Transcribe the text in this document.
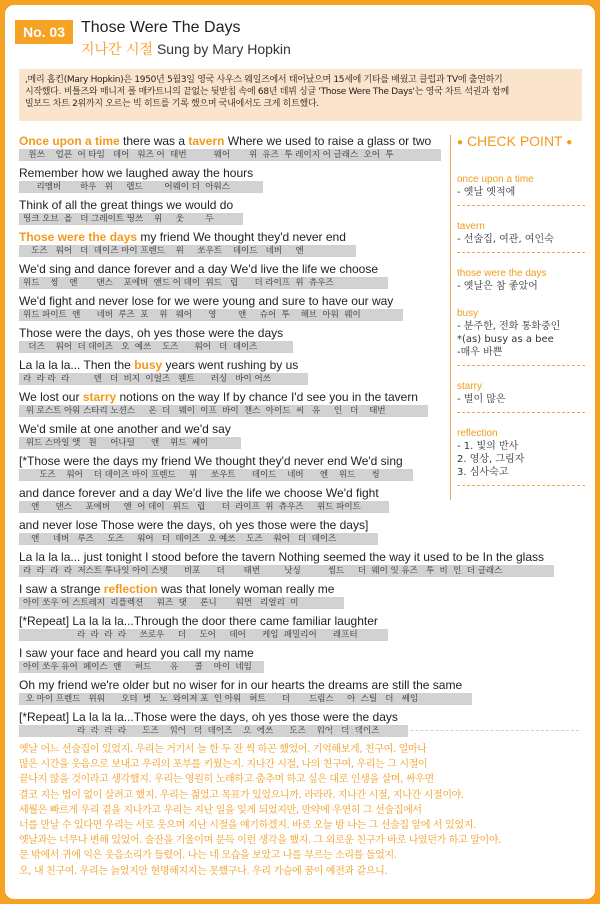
No. 03	Those Were The Days
지나간 시절 Sung by Mary Hopkin
,메리 홉킨(Mary Hopkin)은 1950년 5월3일 영국 사우스 웨일즈에서 태어났으며 15세에 기타를 배웠고 클럽과 TV에 출연하기
시작했다. 비틀즈와 매니저 폴 매카트니의 끝없는 뒷받침 속에 68년 데뷔 싱글 'Those Were The Days'는 영국 차트 석권과 함께
빌보드 차트 2위까지 오르는 빅 히트를 기록 했으며 국내에서도 크게 히트했다.
Once upon a time there was a tavern Where we used to raise a glass or two
원쓰    업픈  어 타임   데어   워즈 어  태번          웨어       위  유즈  투 레이지 어 글래스  오어  투
Remember how we laughed away the hours
리멤버       하우   위     랩드        어웨이 더  아워스
Think of all the great things we would do
띵크 오브  올   더 그레이트 띵쓰    위     웃        두
Those were the days my friend We thought they'd never end
도즈   워어   더  데이즈 마이 프렌드    위     쏘우트    데이드   네버     엔
We'd sing and dance forever and a day We'd live the life we choose
위드    씽    앤       댄스    포에버  앤드 어 데이  위드   립      더 라이프  위  츄우즈
We'd fight and never lose for we were young and sure to have our way
위드 파이트  앤      네버  루즈  포    위   웨어      영        앤     슈어  투    해브  아워  웨이
Those were the days, oh yes those were the days
더즈    워어  더 데이즈   오  예쓰    도즈      워어   더  데이즈
La la la la... Then the busy years went rushing by us
라  라 라  라         덴   더  비지  이얼즈   웬트      러싱   바이 어쓰
We lost our starry notions on the way If by chance I'd see you in the tavern
위 로스트 아워 스타리 노션스     온  더   웨이  이프  바이  챈스  아이드  씨   유     인   더    태번
We'd smile at one another and we'd say
위드 스마일 앳   원     어나덜      앤    위드  쎄이
[*Those were the days my friend We thought they'd never end We'd sing
도즈    워어    더 데이즈 마이 프렌드     위     쏘우트      데이드    네버      엔    위드      씽
and dance forever and a day We'd live the life we choose We'd fight
앤      댄스     포에버     앤  어 데이   위드   립      더  라이프  위  츄우즈     위드 파이트
and never lose Those were the days, oh yes those were the days]
앤     네버   루즈     도즈     워어   더  데이즈   오 예쓰    도즈    워어   더  데이즈
La la la la... just tonight I stood before the tavern Nothing seemed the way it used to be In the glass
라  라  라  라  저스트 투나잇 아이 스탯      비포      더       태번         낫싱          씸드     더  웨이 잇 유즈   투  비  인  더 글래스
I saw a strange reflection was that lonely woman really me
아이 쏘우 어 스트레지  리플렉션     워즈  댓     론니       워먼   리얼리  미
[*Repeat] La la la la...Through the door there came familiar laughter
라  라  라  라     쓰로우     더     도어     데어      케임  패밀리어      래프터
I saw your face and heard you call my name
아이 쏘우 유어  페이스  앤     허드       유      콜    마이  네임
Oh my friend we're older but no wiser for in our hearts the dreams are still the same
오 마이 프렌드   위워      오더  벗   노  와이저 포  인 아워   허트      더       드림스     아  스틸   더   쎄임
[*Repeat] La la la la...Those were the days, oh yes those were the days
라  라  라  라      도즈    워어   더  데이즈    오  예쓰      도즈    워어   더  데이즈
● CHECK POINT ●
once upon a time
- 옛날 옛적에
tavern
- 선술집, 여관, 여인숙
those were the days
- 옛날은 참 좋았어
busy
- 분주한, 전화 통화중인
*(as) busy as a bee
-매우 바쁜
starry
- 별이 많은
reflection
- 1. 빛의 반사
2. 영상, 그림자
3. 심사숙고
옛날 어느 선술집이 있었지. 우리는 거기서 늘 한 두 잔 씩 하곤 했었어. 기억해보게, 친구여. 얼마나
많은 시간을 웃음으로 보내고 우리의 포부를 키웠는지. 지나간 시절, 나의 친구여, 우리는 그 시절이
끝나지 않을 것이라고 생각했지. 우리는 영원히 노래하고 춤추며 하고 싶은 대로 인생을 살며, 싸우면
결코 지는 법이 없이 살려고 했지. 우리는 젊었고 목표가 있었으니까. 라라라. 지나간 시절, 지나간 시절이야.
세월은 빠르게 우리 곁을 지나가고 우리는 지난 일을 잊게 되었지만, 만약에 우연히 그 선술집에서
너를 만날 수 있다면 우리는 서로 웃으며 지난 시절을 얘기하겠지. 바로 오늘 밤 나는 그 선술집 앞에 서 있었지.
옛날과는 너무나 변해 있었어. 술잔을 기울이며 문득 이런 생각을 했지. 그 외로운 친구가 바로 나였던가 하고 말이야.
문 밖에서 귀에 익은 웃음소리가 들렸어. 나는 네 모습을 보았고 나를 부르는 소리를 들었지.
오, 내 친구여. 우리는 늙었지만 현명해지지는 못했구나. 우리 가슴에 꿈이 예전과 같으니.
